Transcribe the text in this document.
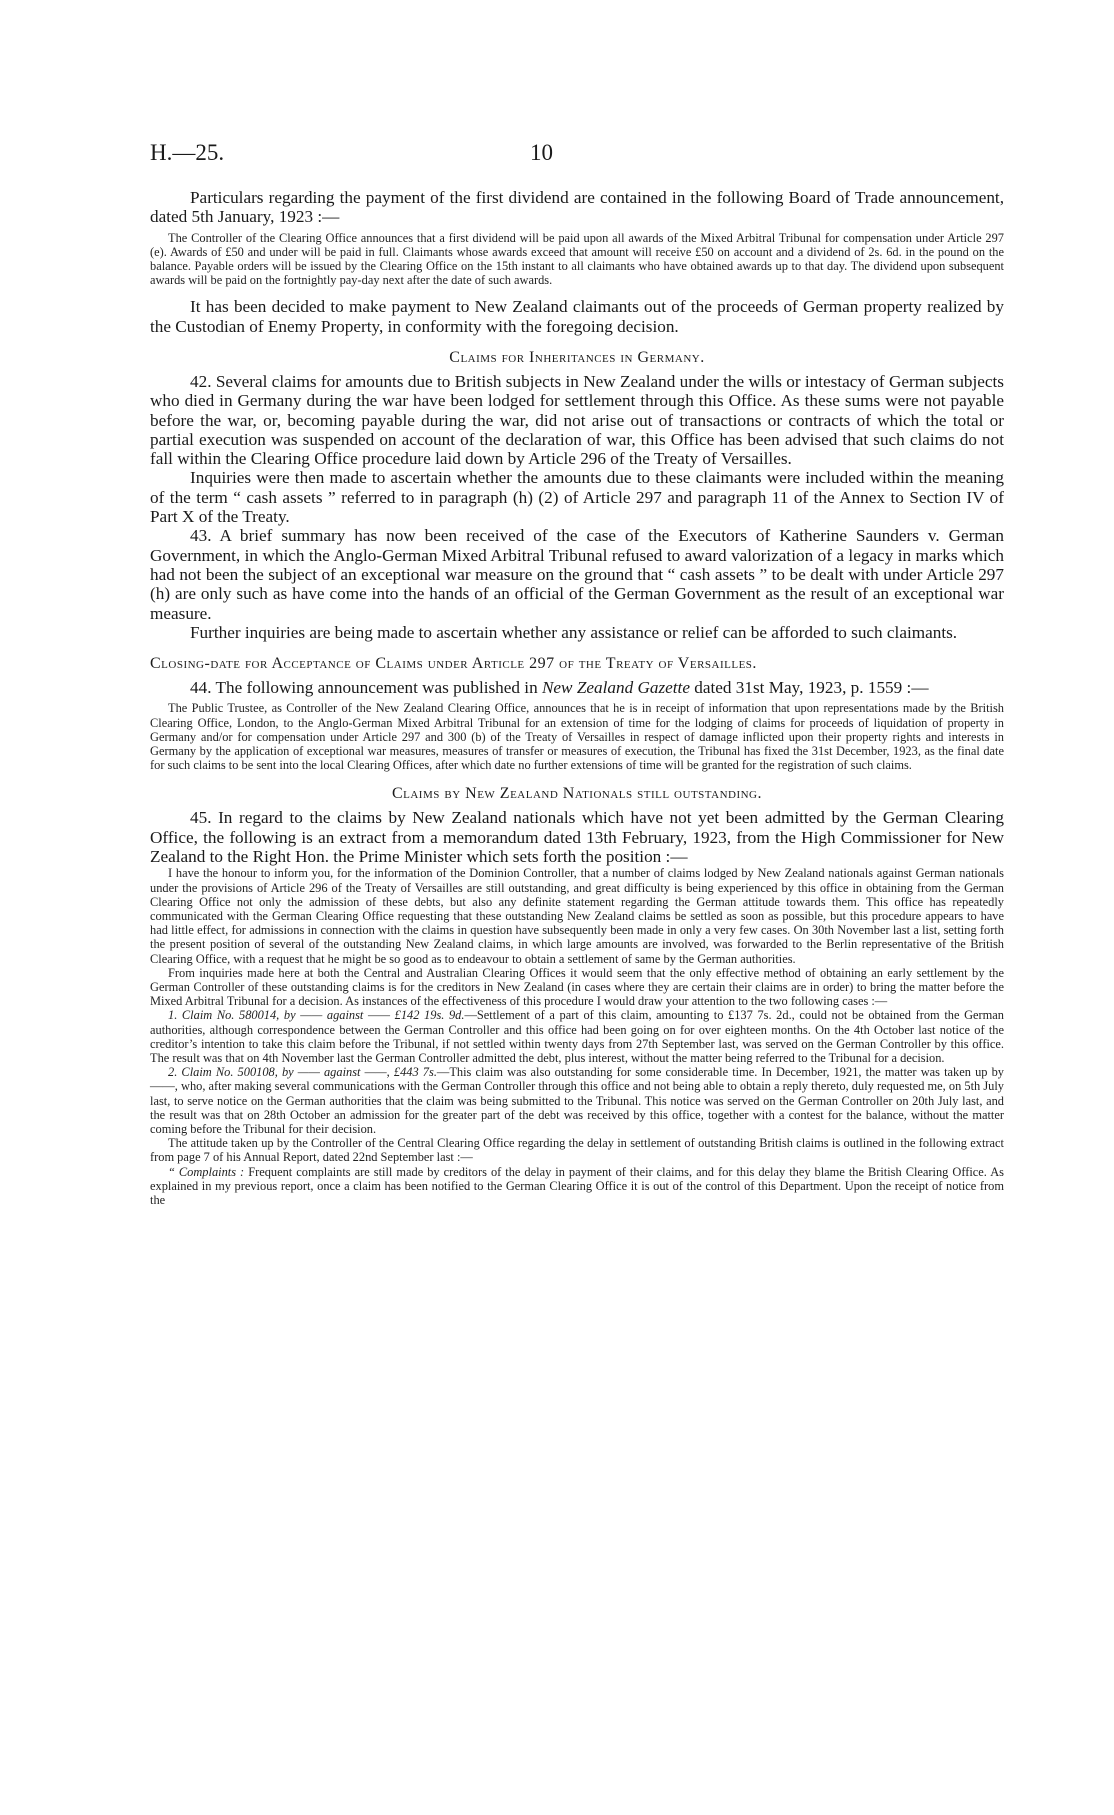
H.—25.	10

Particulars regarding the payment of the first dividend are contained in the following Board of Trade announcement, dated 5th January, 1923 :—

The Controller of the Clearing Office announces that a first dividend will be paid upon all awards of the Mixed Arbitral Tribunal for compensation under Article 297 (e). Awards of £50 and under will be paid in full. Claimants whose awards exceed that amount will receive £50 on account and a dividend of 2s. 6d. in the pound on the balance. Payable orders will be issued by the Clearing Office on the 15th instant to all claimants who have obtained awards up to that day. The dividend upon subsequent awards will be paid on the fortnightly pay-day next after the date of such awards.

It has been decided to make payment to New Zealand claimants out of the proceeds of German property realized by the Custodian of Enemy Property, in conformity with the foregoing decision.

Claims for Inheritances in Germany.

42. Several claims for amounts due to British subjects in New Zealand under the wills or intestacy of German subjects who died in Germany during the war have been lodged for settlement through this Office. As these sums were not payable before the war, or, becoming payable during the war, did not arise out of transactions or contracts of which the total or partial execution was suspended on account of the declaration of war, this Office has been advised that such claims do not fall within the Clearing Office procedure laid down by Article 296 of the Treaty of Versailles.

Inquiries were then made to ascertain whether the amounts due to these claimants were included within the meaning of the term “ cash assets ” referred to in paragraph (h) (2) of Article 297 and paragraph 11 of the Annex to Section IV of Part X of the Treaty.

43. A brief summary has now been received of the case of the Executors of Katherine Saunders v. German Government, in which the Anglo-German Mixed Arbitral Tribunal refused to award valorization of a legacy in marks which had not been the subject of an exceptional war measure on the ground that “ cash assets ” to be dealt with under Article 297 (h) are only such as have come into the hands of an official of the German Government as the result of an exceptional war measure.

Further inquiries are being made to ascertain whether any assistance or relief can be afforded to such claimants.

Closing-date for Acceptance of Claims under Article 297 of the Treaty of Versailles.

44. The following announcement was published in New Zealand Gazette dated 31st May, 1923, p. 1559 :—

The Public Trustee, as Controller of the New Zealand Clearing Office, announces that he is in receipt of information that upon representations made by the British Clearing Office, London, to the Anglo-German Mixed Arbitral Tribunal for an extension of time for the lodging of claims for proceeds of liquidation of property in Germany and/or for compensation under Article 297 and 300 (b) of the Treaty of Versailles in respect of damage inflicted upon their property rights and interests in Germany by the application of exceptional war measures, measures of transfer or measures of execution, the Tribunal has fixed the 31st December, 1923, as the final date for such claims to be sent into the local Clearing Offices, after which date no further extensions of time will be granted for the registration of such claims.

Claims by New Zealand Nationals still outstanding.

45. In regard to the claims by New Zealand nationals which have not yet been admitted by the German Clearing Office, the following is an extract from a memorandum dated 13th February, 1923, from the High Commissioner for New Zealand to the Right Hon. the Prime Minister which sets forth the position :—

I have the honour to inform you, for the information of the Dominion Controller, that a number of claims lodged by New Zealand nationals against German nationals under the provisions of Article 296 of the Treaty of Versailles are still outstanding, and great difficulty is being experienced by this office in obtaining from the German Clearing Office not only the admission of these debts, but also any definite statement regarding the German attitude towards them. This office has repeatedly communicated with the German Clearing Office requesting that these outstanding New Zealand claims be settled as soon as possible, but this procedure appears to have had little effect, for admissions in connection with the claims in question have subsequently been made in only a very few cases. On 30th November last a list, setting forth the present position of several of the outstanding New Zealand claims, in which large amounts are involved, was forwarded to the Berlin representative of the British Clearing Office, with a request that he might be so good as to endeavour to obtain a settlement of same by the German authorities.

From inquiries made here at both the Central and Australian Clearing Offices it would seem that the only effective method of obtaining an early settlement by the German Controller of these outstanding claims is for the creditors in New Zealand (in cases where they are certain their claims are in order) to bring the matter before the Mixed Arbitral Tribunal for a decision. As instances of the effectiveness of this procedure I would draw your attention to the two following cases :—

1. Claim No. 580014, by —— against —— £142 19s. 9d.—Settlement of a part of this claim, amounting to £137 7s. 2d., could not be obtained from the German authorities, although correspondence between the German Controller and this office had been going on for over eighteen months. On the 4th October last notice of the creditor’s intention to take this claim before the Tribunal, if not settled within twenty days from 27th September last, was served on the German Controller by this office. The result was that on 4th November last the German Controller admitted the debt, plus interest, without the matter being referred to the Tribunal for a decision.

2. Claim No. 500108, by —— against ——, £443 7s.—This claim was also outstanding for some considerable time. In December, 1921, the matter was taken up by ——, who, after making several communications with the German Controller through this office and not being able to obtain a reply thereto, duly requested me, on 5th July last, to serve notice on the German authorities that the claim was being submitted to the Tribunal. This notice was served on the German Controller on 20th July last, and the result was that on 28th October an admission for the greater part of the debt was received by this office, together with a contest for the balance, without the matter coming before the Tribunal for their decision.

The attitude taken up by the Controller of the Central Clearing Office regarding the delay in settlement of outstanding British claims is outlined in the following extract from page 7 of his Annual Report, dated 22nd September last :—

“ Complaints : Frequent complaints are still made by creditors of the delay in payment of their claims, and for this delay they blame the British Clearing Office. As explained in my previous report, once a claim has been notified to the German Clearing Office it is out of the control of this Department. Upon the receipt of notice from the
